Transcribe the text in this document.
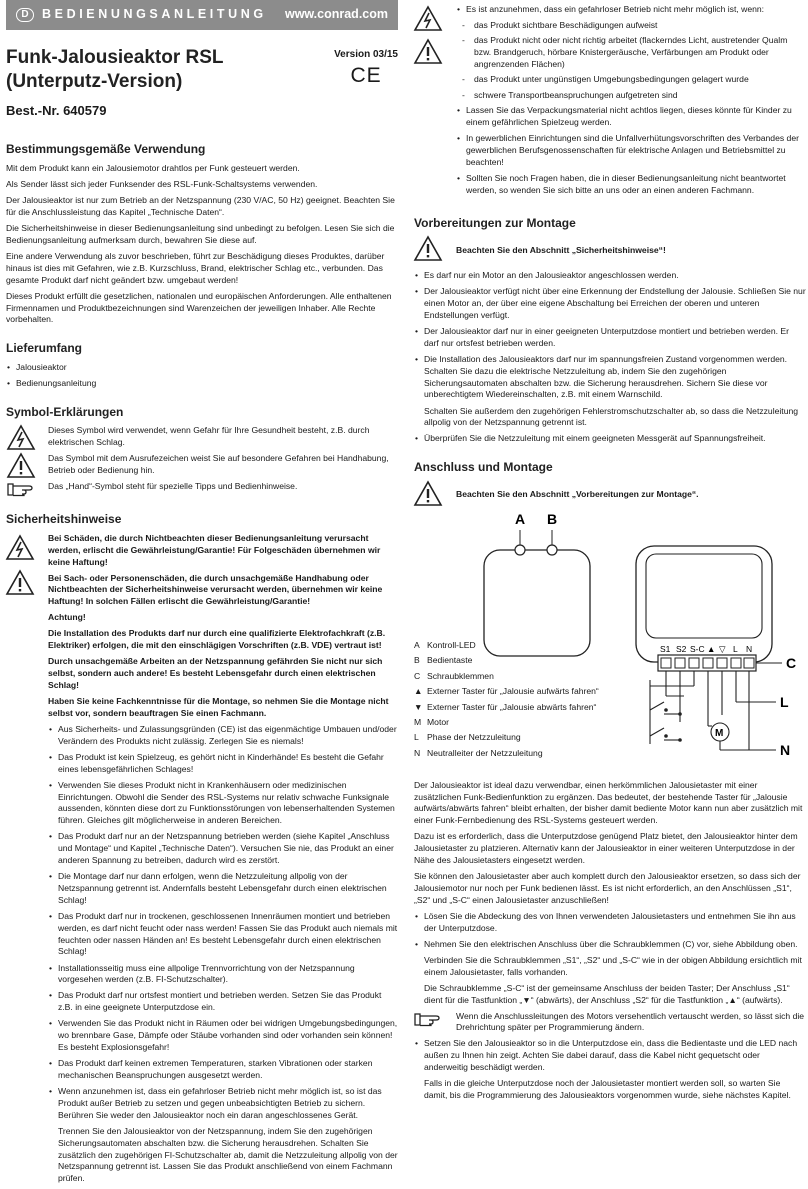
D	BEDIENUNGSANLEITUNG www.conrad.com
Funk-Jalousieaktor RSL
(Unterputz-Version)
Version 03/15
CE
Best.-Nr. 640579
Bestimmungsgemäße Verwendung

Mit dem Produkt kann ein Jalousiemotor drahtlos per Funk gesteuert werden.

Als Sender lässt sich jeder Funksender des RSL-Funk-Schaltsystems verwenden.

Der Jalousieaktor ist nur zum Betrieb an der Netzspannung (230 V/AC, 50 Hz) geeignet. Beachten Sie für die Anschlussleistung das Kapitel „Technische Daten“.

Die Sicherheitshinweise in dieser Bedienungsanleitung sind unbedingt zu befolgen. Lesen Sie sich die Bedienungsanleitung aufmerksam durch, bewahren Sie diese auf.

Eine andere Verwendung als zuvor beschrieben, führt zur Beschädigung dieses Produktes, darüber hinaus ist dies mit Gefahren, wie z.B. Kurzschluss, Brand, elektrischer Schlag etc., verbunden. Das gesamte Produkt darf nicht geändert bzw. umgebaut werden!

Dieses Produkt erfüllt die gesetzlichen, nationalen und europäischen Anforderungen. Alle enthaltenen Firmennamen und Produktbezeichnungen sind Warenzeichen der jeweiligen Inhaber. Alle Rechte vorbehalten.

Lieferumfang
• Jalousieaktor
• Bedienungsanleitung
Symbol-Erklärungen
Dieses Symbol wird verwendet, wenn Gefahr für Ihre Gesundheit besteht, z.B. durch elektrischen Schlag.
Das Symbol mit dem Ausrufezeichen weist Sie auf besondere Gefahren bei Handhabung, Betrieb oder Bedienung hin.
Das „Hand“-Symbol steht für spezielle Tipps und Bedienhinweise.
Sicherheitshinweise

Bei Schäden, die durch Nichtbeachten dieser Bedienungsanleitung verursacht werden, erlischt die Gewährleistung/Garantie! Für Folgeschäden übernehmen wir keine Haftung!

Bei Sach- oder Personenschäden, die durch unsachgemäße Handhabung oder Nichtbeachten der Sicherheitshinweise verursacht werden, übernehmen wir keine Haftung! In solchen Fällen erlischt die Gewährleistung/Garantie!

Achtung!

Die Installation des Produkts darf nur durch eine qualifizierte Elektrofachkraft (z.B. Elektriker) erfolgen, die mit den einschlägigen Vorschriften (z.B. VDE) vertraut ist!

Durch unsachgemäße Arbeiten an der Netzspannung gefährden Sie nicht nur sich selbst, sondern auch andere! Es besteht Lebensgefahr durch einen elektrischen Schlag!

Haben Sie keine Fachkenntnisse für die Montage, so nehmen Sie die Montage nicht selbst vor, sondern beauftragen Sie einen Fachmann.

• Aus Sicherheits- und Zulassungsgründen (CE) ist das eigenmächtige Umbauen und/oder Verändern des Produkts nicht zulässig. Zerlegen Sie es niemals!
• Das Produkt ist kein Spielzeug, es gehört nicht in Kinderhände! Es besteht die Gefahr eines lebensgefährlichen Schlages!
• Verwenden Sie dieses Produkt nicht in Krankenhäusern oder medizinischen Einrichtungen. Obwohl die Sender des RSL-Systems nur relativ schwache Funksignale aussenden, könnten diese dort zu Funktionsstörungen von lebenserhaltenden Systemen führen. Gleiches gilt möglicherweise in anderen Bereichen.
• Das Produkt darf nur an der Netzspannung betrieben werden (siehe Kapitel „Anschluss und Montage“ und Kapitel „Technische Daten“). Versuchen Sie nie, das Produkt an einer anderen Spannung zu betreiben, dadurch wird es zerstört.
• Die Montage darf nur dann erfolgen, wenn die Netzzuleitung allpolig von der Netzspannung getrennt ist. Andernfalls besteht Lebensgefahr durch einen elektrischen Schlag!
• Das Produkt darf nur in trockenen, geschlossenen Innenräumen montiert und betrieben werden, es darf nicht feucht oder nass werden! Fassen Sie das Produkt auch niemals mit feuchten oder nassen Händen an! Es besteht Lebensgefahr durch einen elektrischen Schlag!
• Installationsseitig muss eine allpolige Trennvorrichtung von der Netzspannung vorgesehen werden (z.B. FI-Schutzschalter).
• Das Produkt darf nur ortsfest montiert und betrieben werden. Setzen Sie das Produkt z.B. in eine geeignete Unterputzdose ein.
• Verwenden Sie das Produkt nicht in Räumen oder bei widrigen Umgebungsbedingungen, wo brennbare Gase, Dämpfe oder Stäube vorhanden sind oder vorhanden sein können! Es besteht Explosionsgefahr!
• Das Produkt darf keinen extremen Temperaturen, starken Vibrationen oder starken mechanischen Beanspruchungen ausgesetzt werden.
• Wenn anzunehmen ist, dass ein gefahrloser Betrieb nicht mehr möglich ist, so ist das Produkt außer Betrieb zu setzen und gegen unbeabsichtigten Betrieb zu sichern. Berühren Sie weder den Jalousieaktor noch ein daran angeschlossenes Gerät.

Trennen Sie den Jalousieaktor von der Netzspannung, indem Sie den zugehörigen Sicherungsautomaten abschalten bzw. die Sicherung herausdrehen. Schalten Sie zusätzlich den zugehörigen FI-Schutzschalter ab, damit die Netzzuleitung allpolig von der Netzspannung getrennt ist. Lassen Sie das Produkt anschließend von einem Fachmann prüfen.

• Es ist anzunehmen, dass ein gefahrloser Betrieb nicht mehr möglich ist, wenn:
- das Produkt sichtbare Beschädigungen aufweist
- das Produkt nicht oder nicht richtig arbeitet (flackerndes Licht, austretender Qualm bzw. Brandgeruch, hörbare Knistergeräusche, Verfärbungen am Produkt oder angrenzenden Flächen)
- das Produkt unter ungünstigen Umgebungsbedingungen gelagert wurde
- schwere Transportbeanspruchungen aufgetreten sind
• Lassen Sie das Verpackungsmaterial nicht achtlos liegen, dieses könnte für Kinder zu einem gefährlichen Spielzeug werden.
• In gewerblichen Einrichtungen sind die Unfallverhütungsvorschriften des Verbandes der gewerblichen Berufsgenossenschaften für elektrische Anlagen und Betriebsmittel zu beachten!
• Sollten Sie noch Fragen haben, die in dieser Bedienungsanleitung nicht beantwortet werden, so wenden Sie sich bitte an uns oder an einen anderen Fachmann.
Vorbereitungen zur Montage
Beachten Sie den Abschnitt „Sicherheitshinweise“!
• Es darf nur ein Motor an den Jalousieaktor angeschlossen werden.
• Der Jalousieaktor verfügt nicht über eine Erkennung der Endstellung der Jalousie. Schließen Sie nur einen Motor an, der über eine eigene Abschaltung bei Erreichen der oberen und unteren Endstellungen verfügt.
• Der Jalousieaktor darf nur in einer geeigneten Unterputzdose montiert und betrieben werden. Er darf nur ortsfest betrieben werden.
• Die Installation des Jalousieaktors darf nur im spannungsfreien Zustand vorgenommen werden. Schalten Sie dazu die elektrische Netzzuleitung ab, indem Sie den zugehörigen Sicherungsautomaten abschalten bzw. die Sicherung herausdrehen. Sichern Sie diese vor unberechtigtem Wiedereinschalten, z.B. mit einem Warnschild.

Schalten Sie außerdem den zugehörigen Fehlerstromschutzschalter ab, so dass die Netzzuleitung allpolig von der Netzspannung getrennt ist.

• Überprüfen Sie die Netzzuleitung mit einem geeigneten Messgerät auf Spannungsfreiheit.
Anschluss und Montage
Beachten Sie den Abschnitt „Vorbereitungen zur Montage“.
A B
S1 S2 S-C ▲ ▽ L N
C
M
L
N
A Kontroll-LED
B Bedientaste
C Schraubklemmen
▲ Externer Taster für „Jalousie aufwärts fahren“
▼ Externer Taster für „Jalousie abwärts fahren“
M Motor
L Phase der Netzzuleitung
N Neutralleiter der Netzzuleitung

Der Jalousieaktor ist ideal dazu verwendbar, einen herkömmlichen Jalousietaster mit einer zusätzlichen Funk-Bedienfunktion zu ergänzen. Das bedeutet, der bestehende Taster für „Jalousie aufwärts/abwärts fahren“ bleibt erhalten, der bisher damit bediente Motor kann nun aber zusätzlich mit einer Funk-Fernbedienung des RSL-Systems gesteuert werden.

Dazu ist es erforderlich, dass die Unterputzdose genügend Platz bietet, den Jalousieaktor hinter dem Jalousietaster zu platzieren. Alternativ kann der Jalousieaktor in einer weiteren Unterputzdose in der Nähe des Jalousietasters eingesetzt werden.

Sie können den Jalousietaster aber auch komplett durch den Jalousieaktor ersetzen, so dass sich der Jalousiemotor nur noch per Funk bedienen lässt. Es ist nicht erforderlich, an den Anschlüssen „S1“, „S2“ und „S-C“ einen Jalousietaster anzuschließen!

• Lösen Sie die Abdeckung des von Ihnen verwendeten Jalousietasters und entnehmen Sie ihn aus der Unterputzdose.
• Nehmen Sie den elektrischen Anschluss über die Schraubklemmen (C) vor, siehe Abbildung oben.

Verbinden Sie die Schraubklemmen „S1“, „S2“ und „S-C“ wie in der obigen Abbildung ersichtlich mit einem Jalousietaster, falls vorhanden.

Die Schraubklemme „S-C“ ist der gemeinsame Anschluss der beiden Taster; Der Anschluss „S1“ dient für die Tastfunktion „▼“ (abwärts), der Anschluss „S2“ für die Tastfunktion „▲“ (aufwärts).

Wenn die Anschlussleitungen des Motors versehentlich vertauscht werden, so lässt sich die Drehrichtung später per Programmierung ändern.
• Setzen Sie den Jalousieaktor so in die Unterputzdose ein, dass die Bedientaste und die LED nach außen zu Ihnen hin zeigt. Achten Sie dabei darauf, dass die Kabel nicht gequetscht oder anderweitig beschädigt werden.

Falls in die gleiche Unterputzdose noch der Jalousietaster montiert werden soll, so warten Sie damit, bis die Programmierung des Jalousieaktors vorgenommen wurde, siehe nächstes Kapitel.
